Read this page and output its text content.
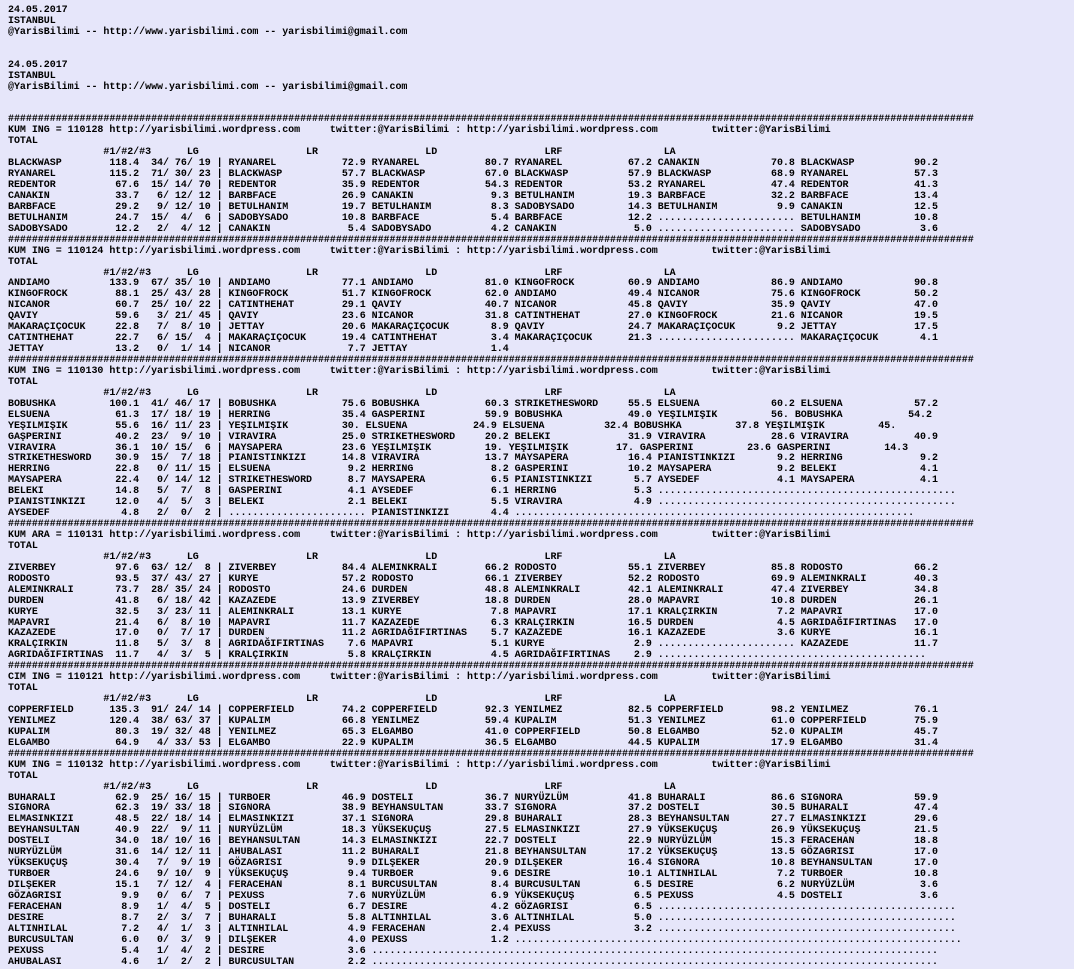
24.05.2017
ISTANBUL
@YarisBilimi -- http://www.yarisbilimi.com -- yarisbilimi@gmail.com
24.05.2017
ISTANBUL
@YarisBilimi -- http://www.yarisbilimi.com -- yarisbilimi@gmail.com
##################################################################################################################################################################
KUM ING = 110128 http://yarisbilimi.wordpress.com     twitter:@YarisBilimi : http://yarisbilimi.wordpress.com         twitter:@YarisBilimi
TOTAL
#1/#2/#3      LG                  LR                  LD                  LRF                 LA
BLACKWASP        118.4  34/ 76/ 19 | RYANAREL           72.9 RYANAREL           80.7 RYANAREL           67.2 CANAKIN            70.8 BLACKWASP          90.2
RYANAREL         115.2  71/ 30/ 23 | BLACKWASP          57.7 BLACKWASP          67.0 BLACKWASP          57.9 BLACKWASP          68.9 RYANAREL           57.3
REDENTOR          67.6  15/ 14/ 70 | REDENTOR           35.9 REDENTOR           54.3 REDENTOR           53.2 RYANAREL           47.4 REDENTOR           41.3
CANAKIN           33.7   6/ 12/ 12 | BARBFACE           26.9 CANAKIN             9.3 BETULHANIM         19.3 BARBFACE           32.2 BARBFACE           13.4
BARBFACE          29.2   9/ 12/ 10 | BETULHANIM         19.7 BETULHANIM          8.3 SADOBYSADO         14.3 BETULHANIM          9.9 CANAKIN            12.5
BETULHANIM        24.7  15/  4/  6 | SADOBYSADO         10.8 BARBFACE            5.4 BARBFACE           12.2 ....................... BETULHANIM         10.8
SADOBYSADO        12.2   2/  4/ 12 | CANAKIN             5.4 SADOBYSADO          4.2 CANAKIN             5.0 ....................... SADOBYSADO          3.6
##################################################################################################################################################################
KUM ING = 110124 http://yarisbilimi.wordpress.com     twitter:@YarisBilimi : http://yarisbilimi.wordpress.com         twitter:@YarisBilimi
TOTAL
#1/#2/#3      LG                  LR                  LD                  LRF                 LA
ANDIAMO          133.9  67/ 35/ 10 | ANDIAMO            77.1 ANDIAMO            81.0 KINGOFROCK         60.9 ANDIAMO            86.9 ANDIAMO            90.8
KINGOFROCK        88.1  25/ 43/ 28 | KINGOFROCK         51.7 KINGOFROCK         62.0 ANDIAMO            49.4 NICANOR            75.6 KINGOFROCK         50.2
NICANOR           60.7  25/ 10/ 22 | CATINTHEHAT        29.1 QAVIY              40.7 NICANOR            45.8 QAVIY              35.9 QAVIY              47.0
QAVIY             59.6   3/ 21/ 45 | QAVIY              23.6 NICANOR            31.8 CATINTHEHAT        27.0 KINGOFROCK         21.6 NICANOR            19.5
MAKARAÇIÇOCUK     22.8   7/  8/ 10 | JETTAY             20.6 MAKARAÇIÇOCUK       8.9 QAVIY              24.7 MAKARAÇIÇOCUK       9.2 JETTAY             17.5
CATINTHEHAT       22.7   6/ 15/  4 | MAKARAÇIÇOCUK      19.4 CATINTHEHAT         3.4 MAKARAÇIÇOCUK      21.3 ....................... MAKARAÇIÇOCUK       4.1
JETTAY            13.2   0/  1/ 14 | NICANOR             7.7 JETTAY              1.4
##################################################################################################################################################################
KUM ING = 110130 http://yarisbilimi.wordpress.com     twitter:@YarisBilimi : http://yarisbilimi.wordpress.com         twitter:@YarisBilimi
TOTAL
#1/#2/#3      LG                  LR                  LD                  LRF                 LA
BOBUSHKA         100.1  41/ 46/ 17 | BOBUSHKA           75.6 BOBUSHKA           60.3 STRIKETHESWORD     55.5 ELSUENA            60.2 ELSUENA            57.2
ELSUENA           61.3  17/ 18/ 19 | HERRING            35.4 GASPERINI          59.9 BOBUSHKA           49.0 YEŞILMIŞIK         56. BOBUSHKA           54.2
YEŞILMIŞIK        55.6  16/ 11/ 23 | YEŞILMIŞIK         30. ELSUENA           24.9 ELSUENA          32.4 BOBUSHKA         37.8 YEŞILMIŞIK         45.
GAŞPERINI         40.2  23/  9/ 10 | VIRAVIRA           25.0 STRIKETHESWORD     20.2 BELEKI             31.9 VIRAVIRA           28.6 VIRAVIRA           40.9
VIRAVIRA          36.1  10/ 15/  6 | MAYSAPERA          23.6 YEŞILMIŞIK         19. YEŞILMIŞIK        17. GASPERINI         23.6 GASPERINI         14.3
STRIKETHESWORD    30.9  15/  7/ 18 | PIANISTINKIZI      14.8 VIRAVIRA           13.7 MAYSAPERA          16.4 PIANISTINKIZI       9.2 HERRING             9.2
HERRING           22.8   0/ 11/ 15 | ELSUENA             9.2 HERRING             8.2 GASPERINI          10.2 MAYSAPERA           9.2 BELEKI              4.1
MAYSAPERA         22.4   0/ 14/ 12 | STRIKETHESWORD      8.7 MAYSAPERA           6.5 PIANISTINKIZI       5.7 AYSEDEF             4.1 MAYSAPERA           4.1
BELEKI            14.8   5/  7/  8 | GASPERINI           4.1 AYSEDEF             6.1 HERRING             5.3 ..................................................
PIANISTINKIZI     12.0   4/  5/  3 | BELEKI              2.1 BELEKI              5.5 VIRAVIRA            4.9 ..................................................
AYSEDEF            4.8   2/  0/  2 | ....................... PIANISTINKIZI       4.4 ...................................................................
##################################################################################################################################################################
KUM ARA = 110131 http://yarisbilimi.wordpress.com     twitter:@YarisBilimi : http://yarisbilimi.wordpress.com         twitter:@YarisBilimi
TOTAL
#1/#2/#3      LG                  LR                  LD                  LRF                 LA
ZIVERBEY          97.6  63/ 12/  8 | ZIVERBEY           84.4 ALEMINKRALI        66.2 RODOSTO            55.1 ZIVERBEY           85.8 RODOSTO            66.2
RODOSTO           93.5  37/ 43/ 27 | KURYE              57.2 RODOSTO            66.1 ZIVERBEY           52.2 RODOSTO            69.9 ALEMINKRALI        40.3
ALEMINKRALI       73.7  28/ 35/ 24 | RODOSTO            24.6 DURDEN             48.8 ALEMINKRALI        42.1 ALEMINKRALI        47.4 ZIVERBEY           34.8
DURDEN            41.8   6/ 18/ 42 | KAZAZEDE           13.9 ZIVERBEY           18.8 DURDEN             28.0 MAPAVRI            10.8 DURDEN             26.1
KURYE             32.5   3/ 23/ 11 | ALEMINKRALI        13.1 KURYE               7.8 MAPAVRI            17.1 KRALÇIRKIN          7.2 MAPAVRI            17.0
MAPAVRI           21.4   6/  8/ 10 | MAPAVRI            11.7 KAZAZEDE            6.3 KRALÇIRKIN         16.5 DURDEN              4.5 AGRIDAĞIFIRTINAS   17.0
KAZAZEDE          17.0   0/  7/ 17 | DURDEN             11.2 AGRIDAĞIFIRTINAS    5.7 KAZAZEDE           16.1 KAZAZEDE            3.6 KURYE              16.1
KRALÇIRKIN        11.8   5/  3/  8 | AGRIDAĞIFIRTINAS    7.6 MAPAVRI             5.1 KURYE               2.9 ....................... KAZAZEDE           11.7
AGRIDAĞIFIRTINAS  11.7   4/  3/  5 | KRALÇIRKIN          5.8 KRALÇIRKIN          4.5 AGRIDAĞIFIRTINAS    2.9 .............................................
##################################################################################################################################################################
CIM ING = 110121 http://yarisbilimi.wordpress.com     twitter:@YarisBilimi : http://yarisbilimi.wordpress.com         twitter:@YarisBilimi
TOTAL
#1/#2/#3      LG                  LR                  LD                  LRF                 LA
COPPERFIELD      135.3  91/ 24/ 14 | COPPERFIELD        74.2 COPPERFIELD        92.3 YENILMEZ           82.5 COPPERFIELD        98.2 YENILMEZ           76.1
YENILMEZ         120.4  38/ 63/ 37 | KUPALIM            66.8 YENILMEZ           59.4 KUPALIM            51.3 YENILMEZ           61.0 COPPERFIELD        75.9
KUPALIM           80.3  19/ 32/ 48 | YENILMEZ           65.3 ELGAMBO            41.0 COPPERFIELD        50.8 ELGAMBO            52.0 KUPALIM            45.7
ELGAMBO           64.9   4/ 33/ 53 | ELGAMBO            22.9 KUPALIM            36.5 ELGAMBO            44.5 KUPALIM            17.9 ELGAMBO            31.4
##################################################################################################################################################################
KUM ING = 110132 http://yarisbilimi.wordpress.com     twitter:@YarisBilimi : http://yarisbilimi.wordpress.com         twitter:@YarisBilimi
TOTAL
#1/#2/#3      LG                  LR                  LD                  LRF                 LA
BUHARALI          62.9  25/ 16/ 15 | TURBOER            46.9 DOSTELI            36.7 NURYÜZLÜM          41.8 BUHARALI           86.6 SIGNORA            59.9
SIGNORA           62.3  19/ 33/ 18 | SIGNORA            38.9 BEYHANSULTAN       33.7 SIGNORA            37.2 DOSTELI            30.5 BUHARALI           47.4
ELMASINKIZI       48.5  22/ 18/ 14 | ELMASINKIZI        37.1 SIGNORA            29.8 BUHARALI           28.3 BEYHANSULTAN       27.7 ELMASINKIZI        29.6
BEYHANSULTAN      40.9  22/  9/ 11 | NURYÜZLÜM          18.3 YÜKSEKUÇUŞ         27.5 ELMASINKIZI        27.9 YÜKSEKUÇUŞ         26.9 YÜKSEKUÇUŞ         21.5
DOSTELI           34.0  18/ 10/ 16 | BEYHANSULTAN       14.3 ELMASINKIZI        22.7 DOSTELI            22.9 NURYÜZLÜM          15.3 FERACEHAN          18.8
NURYÜZLÜM         31.6  14/ 12/ 11 | AHUBALASI          11.2 BUHARALI           21.8 BEYHANSULTAN       17.2 YÜKSEKUÇUŞ         13.5 GÖZAGRISI          17.0
YÜKSEKUÇUŞ        30.4   7/  9/ 19 | GÖZAGRISI           9.9 DILŞEKER           20.9 DILŞEKER           16.4 SIGNORA            10.8 BEYHANSULTAN       17.0
TURBOER           24.6   9/ 10/  9 | YÜKSEKUÇUŞ          9.4 TURBOER             9.6 DESIRE             10.1 ALTINHILAL          7.2 TURBOER            10.8
DILŞEKER          15.1   7/ 12/  4 | FERACEHAN           8.1 BURCUSULTAN         8.4 BURCUSULTAN         6.5 DESIRE              6.2 NURYÜZLÜM           3.6
GÖZAGRISI          9.9   0/  6/  7 | PEXUSS              7.6 NURYÜZLÜM           6.9 YÜKSEKUÇUŞ          6.5 PEXUSS              4.5 DOSTELI             3.6
FERACEHAN          8.9   1/  4/  5 | DOSTELI             6.7 DESIRE              4.2 GÖZAGRISI           6.5 ..................................................
DESIRE             8.7   2/  3/  7 | BUHARALI            5.8 ALTINHILAL          3.6 ALTINHILAL          5.0 ..................................................
ALTINHILAL         7.2   4/  1/  3 | ALTINHILAL          4.9 FERACEHAN           2.4 PEXUSS              3.2 ..................................................
BURCUSULTAN        6.0   0/  3/  9 | DILŞEKER            4.0 PEXUSS              1.2 ...........................................................................
PEXUSS             5.4   1/  4/  2 | DESIRE              3.6 ...............................................................................................
AHUBALASI          4.6   1/  2/  2 | BURCUSULTAN         2.2 ...............................................................................................
